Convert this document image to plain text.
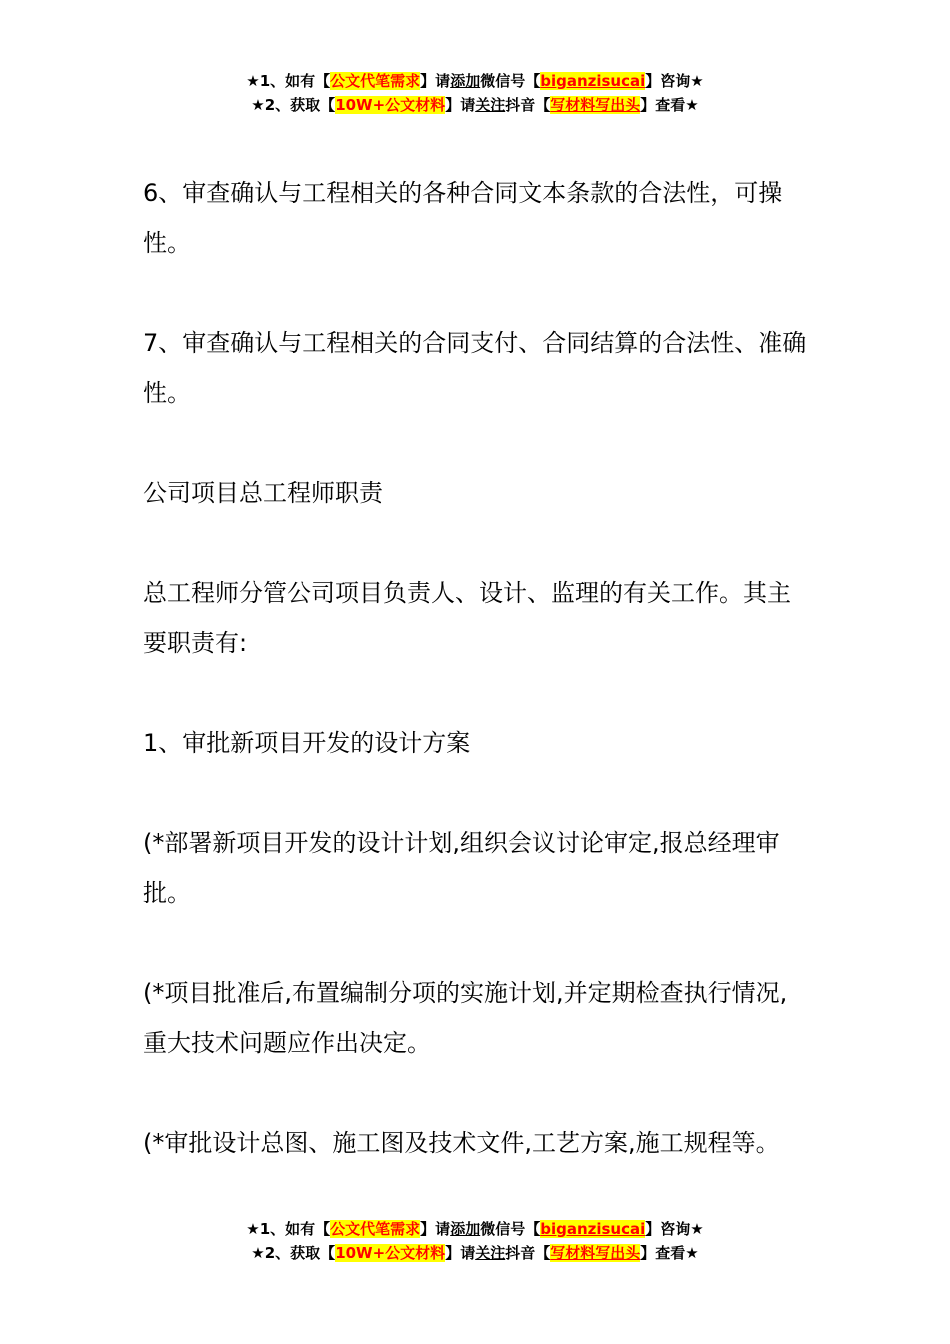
★1、如有【公文代笔需求】请添加微信号【biganzisucai】咨询★
★2、获取【10W+公文材料】请关注抖音【写材料写出头】查看★

6、审查确认与工程相关的各种合同文本条款的合法性，可操性。

7、审查确认与工程相关的合同支付、合同结算的合法性、准确性。

公司项目总工程师职责

总工程师分管公司项目负责人、设计、监理的有关工作。其主要职责有:

1、审批新项目开发的设计方案

(*部署新项目开发的设计计划,组织会议讨论审定,报总经理审批。

(*项目批准后,布置编制分项的实施计划,并定期检查执行情况,重大技术问题应作出决定。

(*审批设计总图、施工图及技术文件,工艺方案,施工规程等。

★1、如有【公文代笔需求】请添加微信号【biganzisucai】咨询★
★2、获取【10W+公文材料】请关注抖音【写材料写出头】查看★
